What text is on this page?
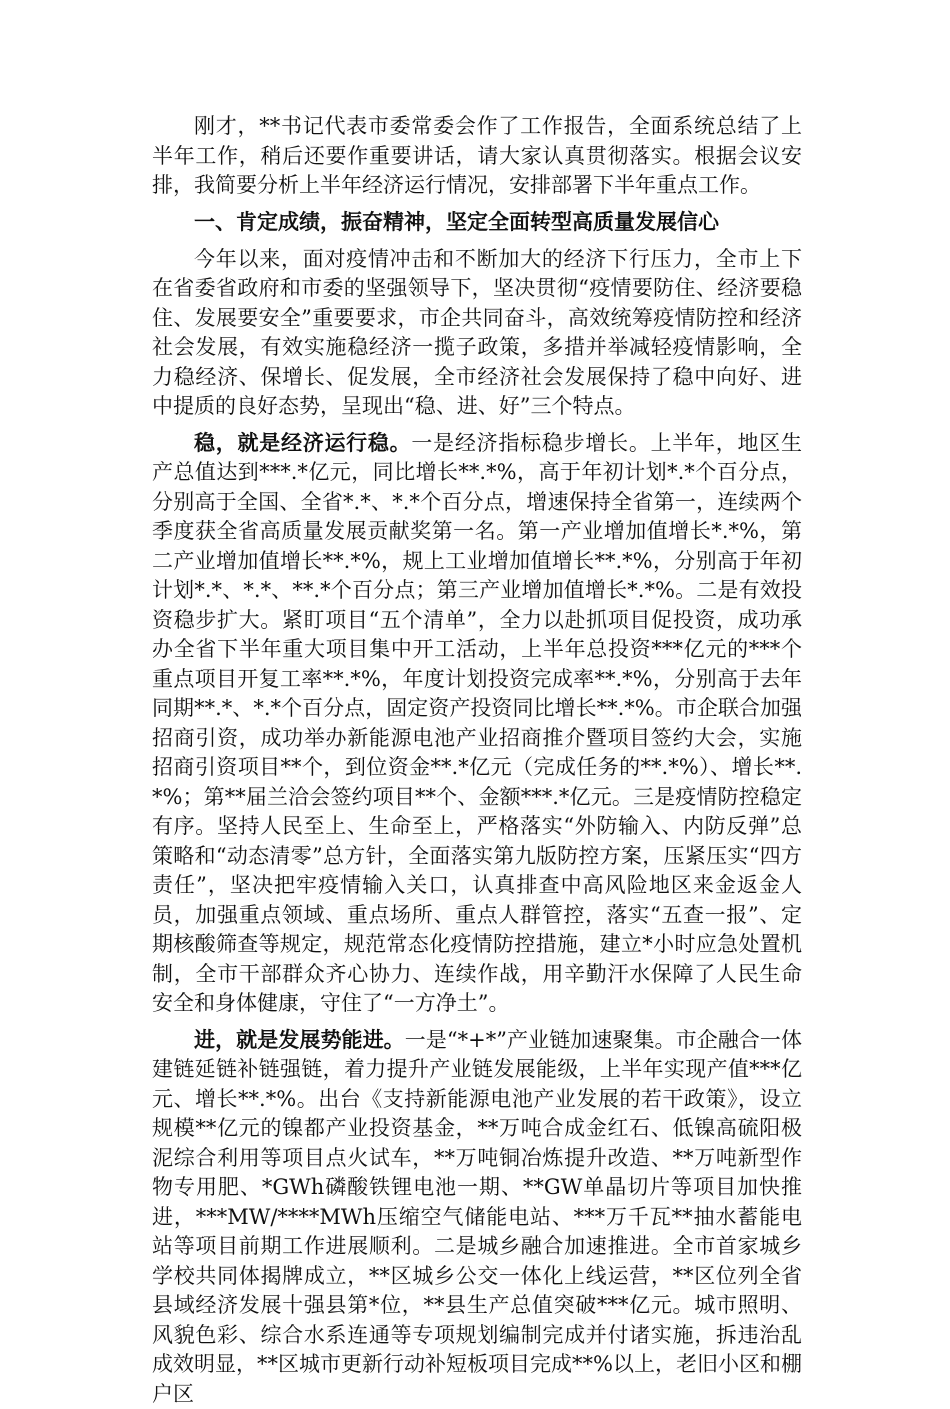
刚才，**书记代表市委常委会作了工作报告，全面系统总结了上半年工作，稍后还要作重要讲话，请大家认真贯彻落实。根据会议安排，我简要分析上半年经济运行情况，安排部署下半年重点工作。

一、肯定成绩，振奋精神，坚定全面转型高质量发展信心

今年以来，面对疫情冲击和不断加大的经济下行压力，全市上下在省委省政府和市委的坚强领导下，坚决贯彻“疫情要防住、经济要稳住、发展要安全”重要要求，市企共同奋斗，高效统筹疫情防控和经济社会发展，有效实施稳经济一揽子政策，多措并举减轻疫情影响，全力稳经济、保增长、促发展，全市经济社会发展保持了稳中向好、进中提质的良好态势，呈现出“稳、进、好”三个特点。

稳，就是经济运行稳。一是经济指标稳步增长。上半年，地区生产总值达到***.*亿元，同比增长**.*%，高于年初计划*.*个百分点，分别高于全国、全省*.*、*.*个百分点，增速保持全省第一，连续两个季度获全省高质量发展贡献奖第一名。第一产业增加值增长*.*%，第二产业增加值增长**.*%，规上工业增加值增长**.*%，分别高于年初计划*.*、*.*、**.*个百分点；第三产业增加值增长*.*%。二是有效投资稳步扩大。紧盯项目“五个清单”，全力以赴抓项目促投资，成功承办全省下半年重大项目集中开工活动，上半年总投资***亿元的***个重点项目开复工率**.*%，年度计划投资完成率**.*%，分别高于去年同期**.*、*.*个百分点，固定资产投资同比增长**.*%。市企联合加强招商引资，成功举办新能源电池产业招商推介暨项目签约大会，实施招商引资项目**个，到位资金**.*亿元（完成任务的**.*%）、增长**.*%；第**届兰洽会签约项目**个、金额***.*亿元。三是疫情防控稳定有序。坚持人民至上、生命至上，严格落实“外防输入、内防反弹”总策略和“动态清零”总方针，全面落实第九版防控方案，压紧压实“四方责任”，坚决把牢疫情输入关口，认真排查中高风险地区来金返金人员，加强重点领域、重点场所、重点人群管控，落实“五查一报”、定期核酸筛查等规定，规范常态化疫情防控措施，建立*小时应急处置机制，全市干部群众齐心协力、连续作战，用辛勤汗水保障了人民生命安全和身体健康，守住了“一方净土”。

进，就是发展势能进。一是“*+*”产业链加速聚集。市企融合一体建链延链补链强链，着力提升产业链发展能级，上半年实现产值***亿元、增长**.*%。出台《支持新能源电池产业发展的若干政策》，设立规模**亿元的镍都产业投资基金，**万吨合成金红石、低镍高硫阳极泥综合利用等项目点火试车，**万吨铜冶炼提升改造、**万吨新型作物专用肥、*GWh磷酸铁锂电池一期、**GW单晶切片等项目加快推进，***MW/****MWh压缩空气储能电站、***万千瓦**抽水蓄能电站等项目前期工作进展顺利。二是城乡融合加速推进。全市首家城乡学校共同体揭牌成立，**区城乡公交一体化上线运营，**区位列全省县域经济发展十强县第*位，**县生产总值突破***亿元。城市照明、风貌色彩、综合水系连通等专项规划编制完成并付诸实施，拆违治乱成效明显，**区城市更新行动补短板项目完成**%以上，老旧小区和棚户区
